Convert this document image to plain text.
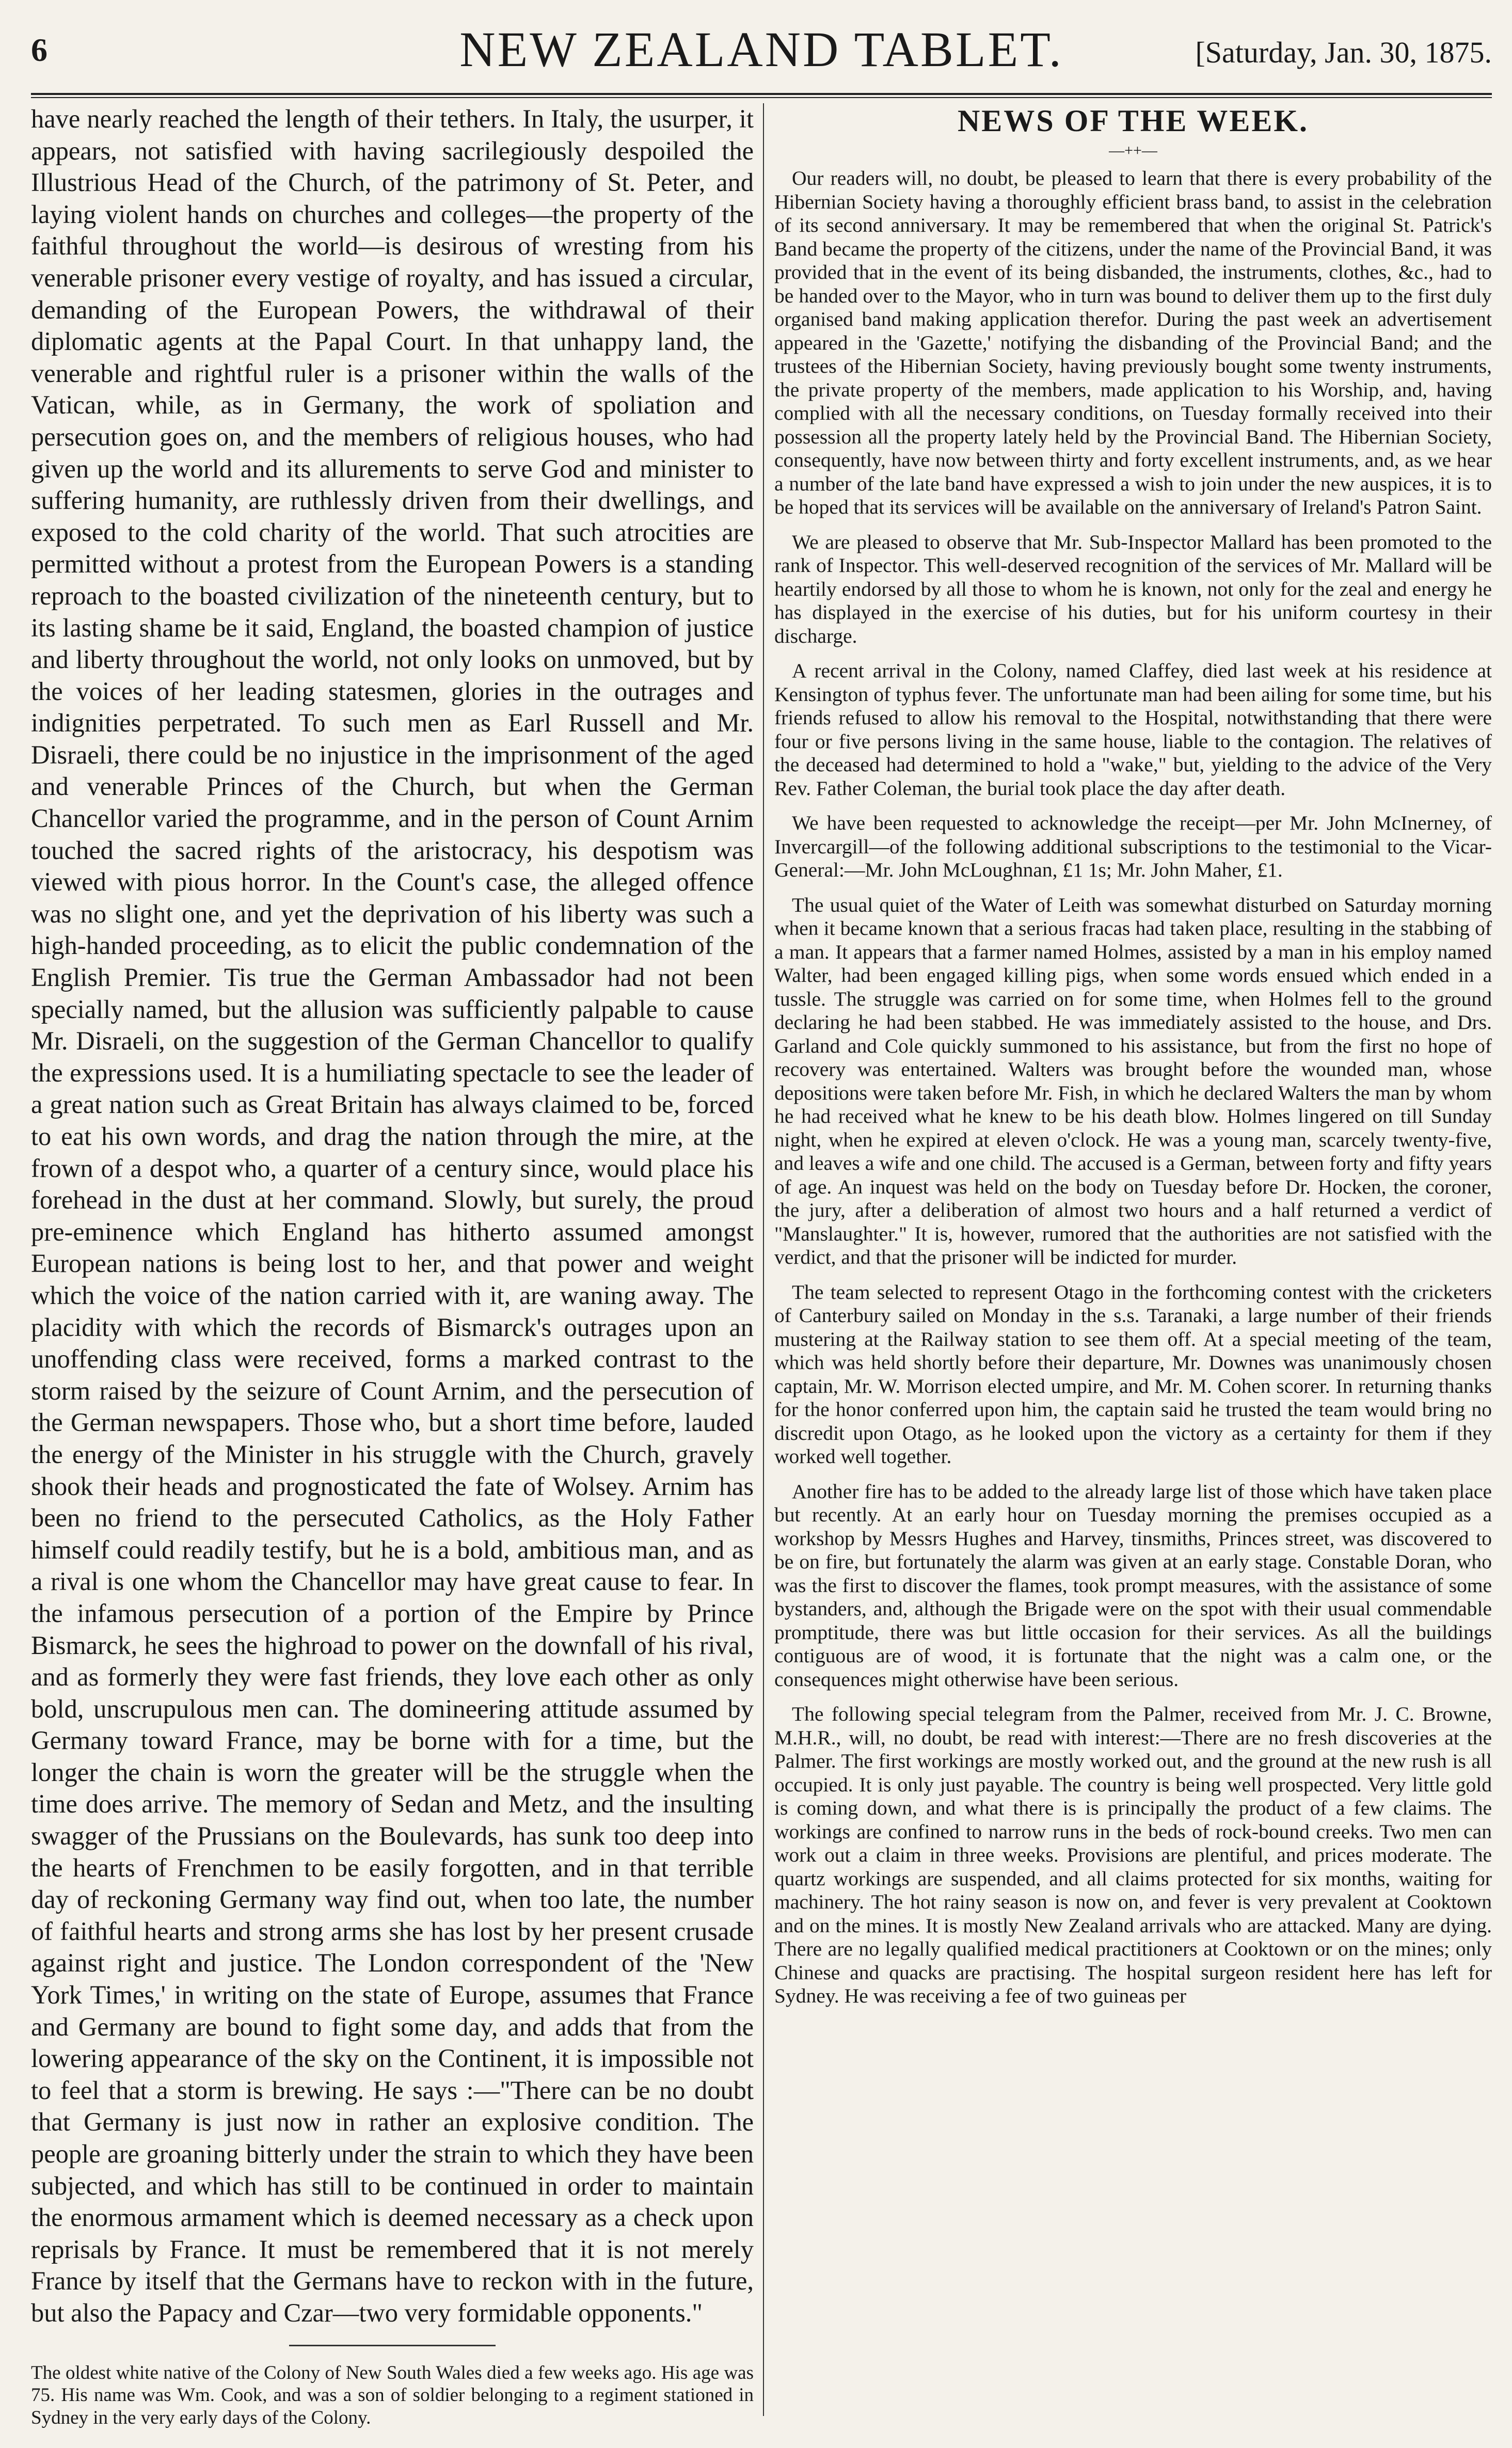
6	NEW ZEALAND TABLET.	[Saturday, Jan. 30, 1875.

have nearly reached the length of their tethers. In Italy, the usurper, it appears, not satisfied with having sacrilegiously despoiled the Illustrious Head of the Church, of the patrimony of St. Peter, and laying violent hands on churches and colleges—the property of the faithful throughout the world—is desirous of wresting from his venerable prisoner every vestige of royalty, and has issued a circular, demanding of the European Powers, the withdrawal of their diplomatic agents at the Papal Court. In that unhappy land, the venerable and rightful ruler is a prisoner within the walls of the Vatican, while, as in Germany, the work of spoliation and persecution goes on, and the members of religious houses, who had given up the world and its allurements to serve God and minister to suffering humanity, are ruthlessly driven from their dwellings, and exposed to the cold charity of the world. That such atrocities are permitted without a protest from the European Powers is a standing reproach to the boasted civilization of the nineteenth century, but to its lasting shame be it said, England, the boasted champion of justice and liberty throughout the world, not only looks on unmoved, but by the voices of her leading statesmen, glories in the outrages and indignities perpetrated. To such men as Earl Russell and Mr. Disraeli, there could be no injustice in the imprisonment of the aged and venerable Princes of the Church, but when the German Chancellor varied the programme, and in the person of Count Arnim touched the sacred rights of the aristocracy, his despotism was viewed with pious horror. In the Count's case, the alleged offence was no slight one, and yet the deprivation of his liberty was such a high-handed proceeding, as to elicit the public condemnation of the English Premier. Tis true the German Ambassador had not been specially named, but the allusion was sufficiently palpable to cause Mr. Disraeli, on the suggestion of the German Chancellor to qualify the expressions used. It is a humiliating spectacle to see the leader of a great nation such as Great Britain has always claimed to be, forced to eat his own words, and drag the nation through the mire, at the frown of a despot who, a quarter of a century since, would place his forehead in the dust at her command. Slowly, but surely, the proud pre-eminence which England has hitherto assumed amongst European nations is being lost to her, and that power and weight which the voice of the nation carried with it, are waning away. The placidity with which the records of Bismarck's outrages upon an unoffending class were received, forms a marked contrast to the storm raised by the seizure of Count Arnim, and the persecution of the German newspapers. Those who, but a short time before, lauded the energy of the Minister in his struggle with the Church, gravely shook their heads and prognosticated the fate of Wolsey. Arnim has been no friend to the persecuted Catholics, as the Holy Father himself could readily testify, but he is a bold, ambitious man, and as a rival is one whom the Chancellor may have great cause to fear. In the infamous persecution of a portion of the Empire by Prince Bismarck, he sees the highroad to power on the downfall of his rival, and as formerly they were fast friends, they love each other as only bold, unscrupulous men can. The domineering attitude assumed by Germany toward France, may be borne with for a time, but the longer the chain is worn the greater will be the struggle when the time does arrive. The memory of Sedan and Metz, and the insulting swagger of the Prussians on the Boulevards, has sunk too deep into the hearts of Frenchmen to be easily forgotten, and in that terrible day of reckoning Germany way find out, when too late, the number of faithful hearts and strong arms she has lost by her present crusade against right and justice. The London correspondent of the 'New York Times,' in writing on the state of Europe, assumes that France and Germany are bound to fight some day, and adds that from the lowering appearance of the sky on the Continent, it is impossible not to feel that a storm is brewing. He says :—"There can be no doubt that Germany is just now in rather an explosive condition. The people are groaning bitterly under the strain to which they have been subjected, and which has still to be continued in order to maintain the enormous armament which is deemed necessary as a check upon reprisals by France. It must be remembered that it is not merely France by itself that the Germans have to reckon with in the future, but also the Papacy and Czar—two very formidable opponents."

The oldest white native of the Colony of New South Wales died a few weeks ago. His age was 75. His name was Wm. Cook, and was a son of soldier belonging to a regiment stationed in Sydney in the very early days of the Colony.

NEWS OF THE WEEK.
—++—

Our readers will, no doubt, be pleased to learn that there is every probability of the Hibernian Society having a thoroughly efficient brass band, to assist in the celebration of its second anniversary. It may be remembered that when the original St. Patrick's Band became the property of the citizens, under the name of the Provincial Band, it was provided that in the event of its being disbanded, the instruments, clothes, &c., had to be handed over to the Mayor, who in turn was bound to deliver them up to the first duly organised band making application therefor. During the past week an advertisement appeared in the 'Gazette,' notifying the disbanding of the Provincial Band; and the trustees of the Hibernian Society, having previously bought some twenty instruments, the private property of the members, made application to his Worship, and, having complied with all the necessary conditions, on Tuesday formally received into their possession all the property lately held by the Provincial Band. The Hibernian Society, consequently, have now between thirty and forty excellent instruments, and, as we hear a number of the late band have expressed a wish to join under the new auspices, it is to be hoped that its services will be available on the anniversary of Ireland's Patron Saint.

We are pleased to observe that Mr. Sub-Inspector Mallard has been promoted to the rank of Inspector. This well-deserved recognition of the services of Mr. Mallard will be heartily endorsed by all those to whom he is known, not only for the zeal and energy he has displayed in the exercise of his duties, but for his uniform courtesy in their discharge.

A recent arrival in the Colony, named Claffey, died last week at his residence at Kensington of typhus fever. The unfortunate man had been ailing for some time, but his friends refused to allow his removal to the Hospital, notwithstanding that there were four or five persons living in the same house, liable to the contagion. The relatives of the deceased had determined to hold a "wake," but, yielding to the advice of the Very Rev. Father Coleman, the burial took place the day after death.

We have been requested to acknowledge the receipt—per Mr. John McInerney, of Invercargill—of the following additional subscriptions to the testimonial to the Vicar-General:—Mr. John McLoughnan, £1 1s; Mr. John Maher, £1.

The usual quiet of the Water of Leith was somewhat disturbed on Saturday morning when it became known that a serious fracas had taken place, resulting in the stabbing of a man. It appears that a farmer named Holmes, assisted by a man in his employ named Walter, had been engaged killing pigs, when some words ensued which ended in a tussle. The struggle was carried on for some time, when Holmes fell to the ground declaring he had been stabbed. He was immediately assisted to the house, and Drs. Garland and Cole quickly summoned to his assistance, but from the first no hope of recovery was entertained. Walters was brought before the wounded man, whose depositions were taken before Mr. Fish, in which he declared Walters the man by whom he had received what he knew to be his death blow. Holmes lingered on till Sunday night, when he expired at eleven o'clock. He was a young man, scarcely twenty-five, and leaves a wife and one child. The accused is a German, between forty and fifty years of age. An inquest was held on the body on Tuesday before Dr. Hocken, the coroner, the jury, after a deliberation of almost two hours and a half returned a verdict of "Manslaughter." It is, however, rumored that the authorities are not satisfied with the verdict, and that the prisoner will be indicted for murder.

The team selected to represent Otago in the forthcoming contest with the cricketers of Canterbury sailed on Monday in the s.s. Taranaki, a large number of their friends mustering at the Railway station to see them off. At a special meeting of the team, which was held shortly before their departure, Mr. Downes was unanimously chosen captain, Mr. W. Morrison elected umpire, and Mr. M. Cohen scorer. In returning thanks for the honor conferred upon him, the captain said he trusted the team would bring no discredit upon Otago, as he looked upon the victory as a certainty for them if they worked well together.

Another fire has to be added to the already large list of those which have taken place but recently. At an early hour on Tuesday morning the premises occupied as a workshop by Messrs Hughes and Harvey, tinsmiths, Princes street, was discovered to be on fire, but fortunately the alarm was given at an early stage. Constable Doran, who was the first to discover the flames, took prompt measures, with the assistance of some bystanders, and, although the Brigade were on the spot with their usual commendable promptitude, there was but little occasion for their services. As all the buildings contiguous are of wood, it is fortunate that the night was a calm one, or the consequences might otherwise have been serious.

The following special telegram from the Palmer, received from Mr. J. C. Browne, M.H.R., will, no doubt, be read with interest:—There are no fresh discoveries at the Palmer. The first workings are mostly worked out, and the ground at the new rush is all occupied. It is only just payable. The country is being well prospected. Very little gold is coming down, and what there is is principally the product of a few claims. The workings are confined to narrow runs in the beds of rock-bound creeks. Two men can work out a claim in three weeks. Provisions are plentiful, and prices moderate. The quartz workings are suspended, and all claims protected for six months, waiting for machinery. The hot rainy season is now on, and fever is very prevalent at Cooktown and on the mines. It is mostly New Zealand arrivals who are attacked. Many are dying. There are no legally qualified medical practitioners at Cooktown or on the mines; only Chinese and quacks are practising. The hospital surgeon resident here has left for Sydney. He was receiving a fee of two guineas per
